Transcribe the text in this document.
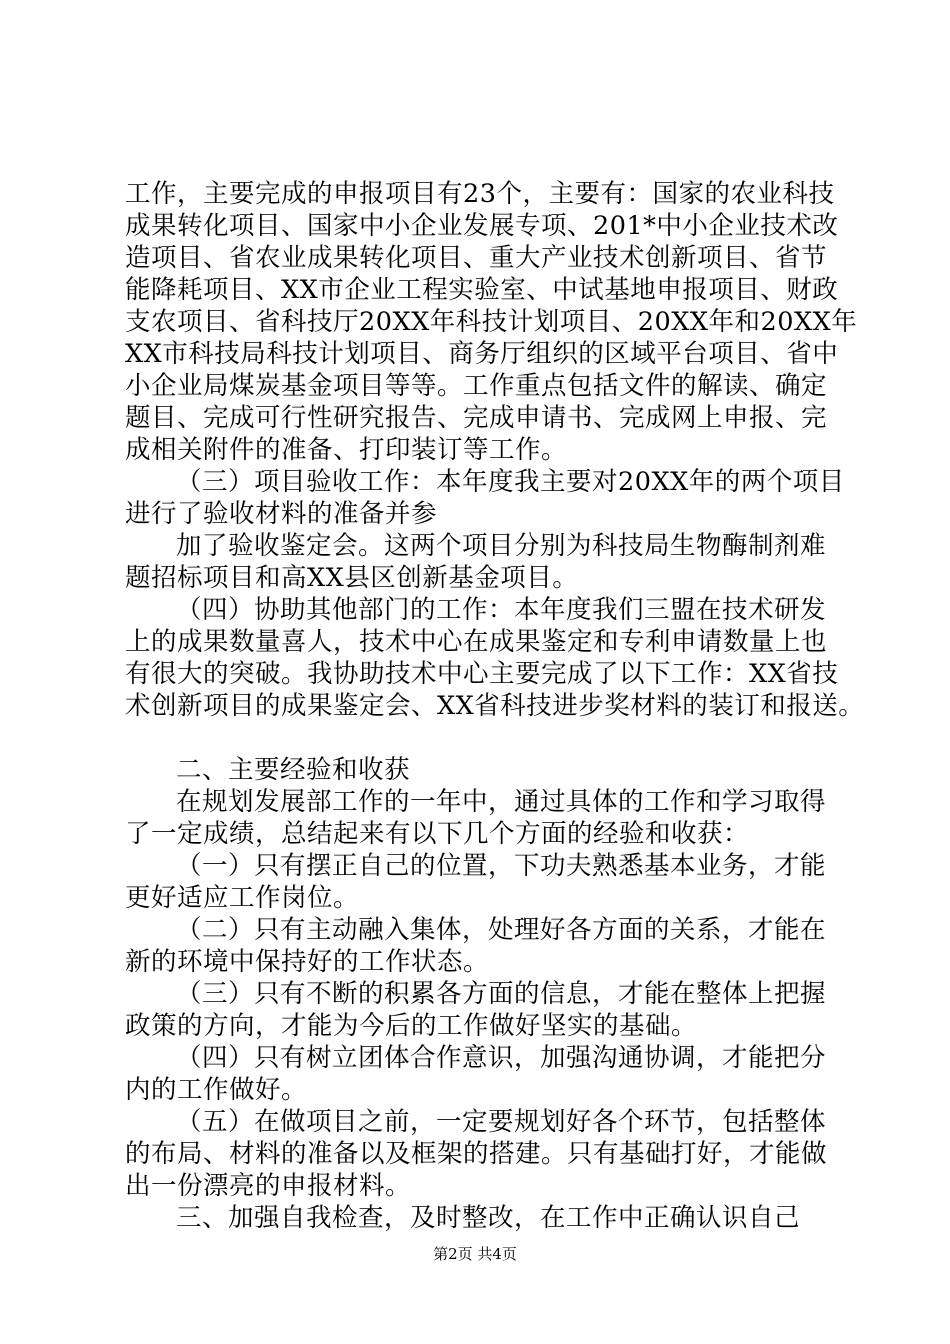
工作，主要完成的申报项目有23个，主要有：国家的农业科技
成果转化项目、国家中小企业发展专项、201*中小企业技术改
造项目、省农业成果转化项目、重大产业技术创新项目、省节
能降耗项目、XX市企业工程实验室、中试基地申报项目、财政
支农项目、省科技厅20XX年科技计划项目、20XX年和20XX年
XX市科技局科技计划项目、商务厅组织的区域平台项目、省中
小企业局煤炭基金项目等等。工作重点包括文件的解读、确定
题目、完成可行性研究报告、完成申请书、完成网上申报、完
成相关附件的准备、打印装订等工作。
（三）项目验收工作：本年度我主要对20XX年的两个项目
进行了验收材料的准备并参
加了验收鉴定会。这两个项目分别为科技局生物酶制剂难
题招标项目和高XX县区创新基金项目。
（四）协助其他部门的工作：本年度我们三盟在技术研发
上的成果数量喜人，技术中心在成果鉴定和专利申请数量上也
有很大的突破。我协助技术中心主要完成了以下工作：XX省技
术创新项目的成果鉴定会、XX省科技进步奖材料的装订和报送。
二、主要经验和收获
在规划发展部工作的一年中，通过具体的工作和学习取得
了一定成绩，总结起来有以下几个方面的经验和收获：
（一）只有摆正自己的位置，下功夫熟悉基本业务，才能
更好适应工作岗位。
（二）只有主动融入集体，处理好各方面的关系，才能在
新的环境中保持好的工作状态。
（三）只有不断的积累各方面的信息，才能在整体上把握
政策的方向，才能为今后的工作做好坚实的基础。
（四）只有树立团体合作意识，加强沟通协调，才能把分
内的工作做好。
（五）在做项目之前，一定要规划好各个环节，包括整体
的布局、材料的准备以及框架的搭建。只有基础打好，才能做
出一份漂亮的申报材料。
三、加强自我检查，及时整改，在工作中正确认识自己
第2页 共4页
